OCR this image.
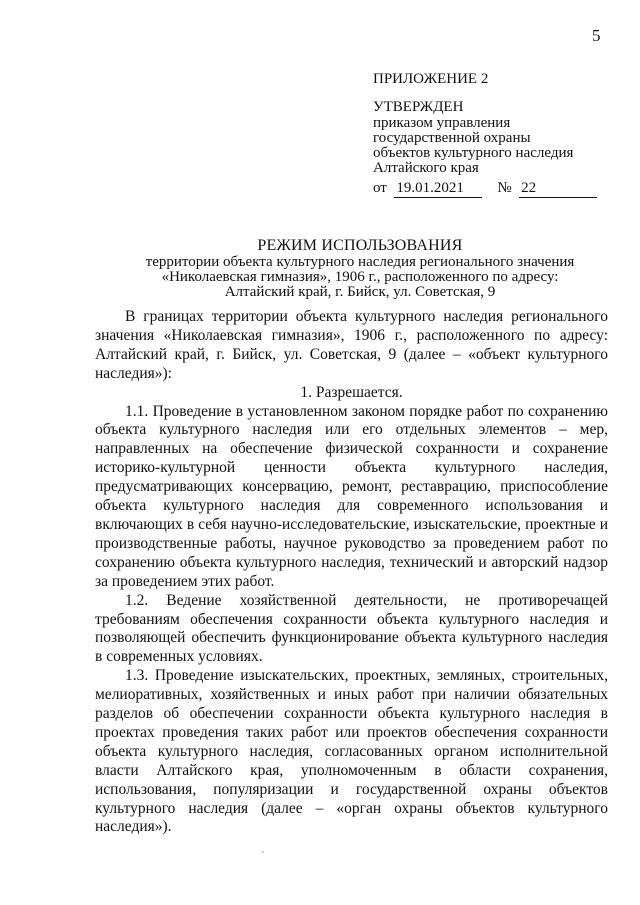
5
ПРИЛОЖЕНИЕ 2
УТВЕРЖДЕН
приказом управления
государственной охраны
объектов культурного наследия
Алтайского края
от 19.01.2021 № 22
РЕЖИМ ИСПОЛЬЗОВАНИЯ
территории объекта культурного наследия регионального значения
«Николаевская гимназия», 1906 г., расположенного по адресу:
Алтайский край, г. Бийск, ул. Советская, 9

В границах территории объекта культурного наследия регионального значения «Николаевская гимназия», 1906 г., расположенного по адресу: Алтайский край, г. Бийск, ул. Советская, 9 (далее – «объект культурного наследия»):

1. Разрешается.

1.1. Проведение в установленном законом порядке работ по сохранению объекта культурного наследия или его отдельных элементов – мер, направленных на обеспечение физической сохранности и сохранение историко-культурной ценности объекта культурного наследия, предусматривающих консервацию, ремонт, реставрацию, приспособление объекта культурного наследия для современного использования и включающих в себя научно-исследовательские, изыскательские, проектные и производственные работы, научное руководство за проведением работ по сохранению объекта культурного наследия, технический и авторский надзор за проведением этих работ.

1.2. Ведение хозяйственной деятельности, не противоречащей требованиям обеспечения сохранности объекта культурного наследия и позволяющей обеспечить функционирование объекта культурного наследия в современных условиях.

1.3. Проведение изыскательских, проектных, земляных, строительных, мелиоративных, хозяйственных и иных работ при наличии обязательных разделов об обеспечении сохранности объекта культурного наследия в проектах проведения таких работ или проектов обеспечения сохранности объекта культурного наследия, согласованных органом исполнительной власти Алтайского края, уполномоченным в области сохранения, использования, популяризации и государственной охраны объектов культурного наследия (далее – «орган охраны объектов культурного наследия»).
